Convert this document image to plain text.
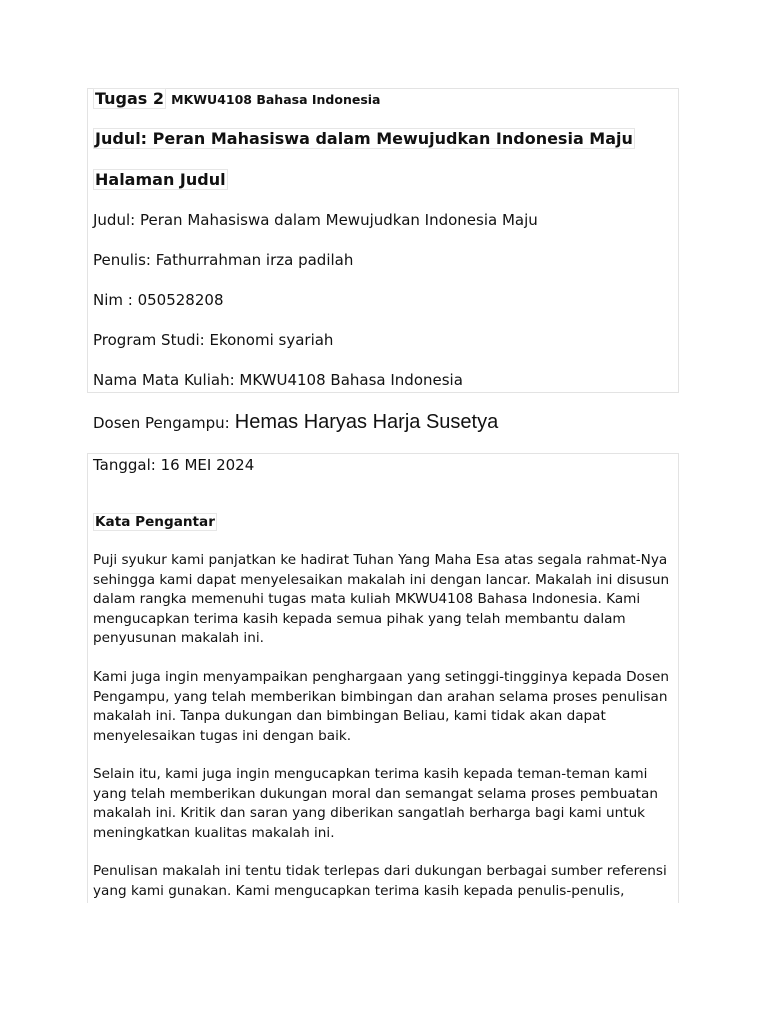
Tugas 2 MKWU4108 Bahasa Indonesia
Judul: Peran Mahasiswa dalam Mewujudkan Indonesia Maju
Halaman Judul
Judul: Peran Mahasiswa dalam Mewujudkan Indonesia Maju
Penulis: Fathurrahman irza padilah
Nim : 050528208
Program Studi: Ekonomi syariah
Nama Mata Kuliah: MKWU4108 Bahasa Indonesia
Dosen Pengampu: Hemas Haryas Harja Susetya
Tanggal: 16 MEI 2024
Kata Pengantar
Puji syukur kami panjatkan ke hadirat Tuhan Yang Maha Esa atas segala rahmat-Nya
sehingga kami dapat menyelesaikan makalah ini dengan lancar. Makalah ini disusun
dalam rangka memenuhi tugas mata kuliah MKWU4108 Bahasa Indonesia. Kami
mengucapkan terima kasih kepada semua pihak yang telah membantu dalam
penyusunan makalah ini.
Kami juga ingin menyampaikan penghargaan yang setinggi-tingginya kepada Dosen
Pengampu, yang telah memberikan bimbingan dan arahan selama proses penulisan
makalah ini. Tanpa dukungan dan bimbingan Beliau, kami tidak akan dapat
menyelesaikan tugas ini dengan baik.
Selain itu, kami juga ingin mengucapkan terima kasih kepada teman-teman kami
yang telah memberikan dukungan moral dan semangat selama proses pembuatan
makalah ini. Kritik dan saran yang diberikan sangatlah berharga bagi kami untuk
meningkatkan kualitas makalah ini.
Penulisan makalah ini tentu tidak terlepas dari dukungan berbagai sumber referensi
yang kami gunakan. Kami mengucapkan terima kasih kepada penulis-penulis,
